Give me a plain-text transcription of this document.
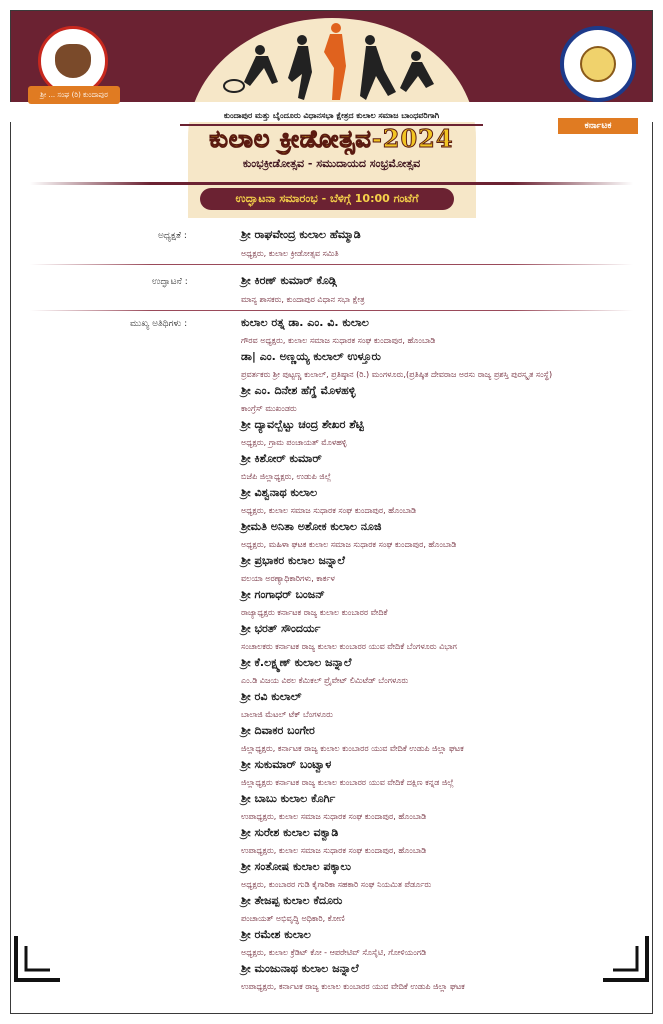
ಶ್ರೀ ... ಸಂಘ (ರಿ) ಕುಂದಾಪುರ
ಕರ್ನಾಟಕ
ಕುಂದಾಪುರ ಮತ್ತು ಬೈಂದೂರು ವಿಧಾನಸಭಾ ಕ್ಷೇತ್ರದ ಕುಲಾಲ ಸಮಾಜ ಬಾಂಧವರಿಗಾಗಿ
ಕುಲಾಲ ಕ್ರೀಡೋತ್ಸವ-2024
ಕುಂಭಕ್ರೀಡೋತ್ಸವ - ಸಮುದಾಯದ ಸಂಭ್ರಮೋತ್ಸವ
ಉದ್ಘಾಟನಾ ಸಮಾರಂಭ - ಬೆಳಿಗ್ಗೆ 10:00 ಗಂಟೆಗೆ
ಅಧ್ಯಕ್ಷತೆ :	ಶ್ರೀ ರಾಘವೇಂದ್ರ ಕುಲಾಲ ಹೆಮ್ಮಾಡಿ
ಅಧ್ಯಕ್ಷರು, ಕುಲಾಲ ಕ್ರೀಡೋತ್ಸವ ಸಮಿತಿ
ಉದ್ಘಾಟನೆ :	ಶ್ರೀ ಕಿರಣ್ ಕುಮಾರ್ ಕೊಡ್ಗಿ
ಮಾನ್ಯ ಶಾಸಕರು, ಕುಂದಾಪುರ ವಿಧಾನ ಸಭಾ ಕ್ಷೇತ್ರ
ಮುಖ್ಯ ಅತಿಥಿಗಳು :	ಕುಲಾಲ ರತ್ನ ಡಾ. ಎಂ. ವಿ. ಕುಲಾಲ
ಗೌರವ ಅಧ್ಯಕ್ಷರು, ಕುಲಾಲ ಸಮಾಜ ಸುಧಾರಕ ಸಂಘ ಕುಂದಾಪುರ, ಹೊಂಬಾಡಿ
ಡಾ| ಎಂ. ಅಣ್ಣಯ್ಯ ಕುಲಾಲ್ ಉಳ್ತೂರು
ಪ್ರವರ್ತಕರು ಶ್ರೀ ಪುಟ್ಟಣ್ಣ ಕುಲಾಲ್, ಪ್ರತಿಷ್ಠಾನ (ರಿ.) ಮಂಗಳೂರು,(ಪ್ರತಿಷ್ಠಿತ ದೇವರಾಜ ಅರಸು ರಾಜ್ಯ ಪ್ರಶಸ್ತಿ ಪುರಸ್ಕೃತ ಸಂಸ್ಥೆ)
ಶ್ರೀ ಎಂ. ದಿನೇಶ ಹೆಗ್ಡೆ ಮೊಳಹಳ್ಳಿ
ಕಾಂಗ್ರೆಸ್ ಮುಖಂಡರು
ಶ್ರೀ ದ್ಯಾವಲ್ಬೆಟ್ಟು ಚಂದ್ರ ಶೇಖರ ಶೆಟ್ಟಿ
ಅಧ್ಯಕ್ಷರು, ಗ್ರಾಮ ಪಂಚಾಯತ್ ಮೊಳಹಳ್ಳಿ
ಶ್ರೀ ಕಿಶೋರ್ ಕುಮಾರ್
ಬಿಜೆಪಿ ಜಿಲ್ಲಾಧ್ಯಕ್ಷರು, ಉಡುಪಿ ಜಿಲ್ಲೆ
ಶ್ರೀ ವಿಶ್ವನಾಥ ಕುಲಾಲ
ಅಧ್ಯಕ್ಷರು, ಕುಲಾಲ ಸಮಾಜ ಸುಧಾರಕ ಸಂಘ ಕುಂದಾಪುರ, ಹೊಂಬಾಡಿ
ಶ್ರೀಮತಿ ಅನಿತಾ ಅಶೋಕ ಕುಲಾಲ ನೂಜಿ
ಅಧ್ಯಕ್ಷರು, ಮಹಿಳಾ ಘಟಕ ಕುಲಾಲ ಸಮಾಜ ಸುಧಾರಕ ಸಂಘ ಕುಂದಾಪುರ, ಹೊಂಬಾಡಿ
ಶ್ರೀ ಪ್ರಭಾಕರ ಕುಲಾಲ ಜನ್ನಾಲೆ
ವಲಯಾ ಅರಣ್ಯಾಧಿಕಾರಿಗಳು, ಕಾರ್ಕಳ
ಶ್ರೀ ಗಂಗಾಧರ್ ಬಂಜನ್
ರಾಜ್ಯಾಧ್ಯಕ್ಷರು ಕರ್ನಾಟಕ ರಾಜ್ಯ ಕುಲಾಲ ಕುಂಬಾರರ ವೇದಿಕೆ
ಶ್ರೀ ಭರತ್ ಸೌಂದರ್ಯ
ಸಂಚಾಲಕರು ಕರ್ನಾಟಕ ರಾಜ್ಯ ಕುಲಾಲ ಕುಂಬಾರರ ಯುವ ವೇದಿಕೆ ಬೆಂಗಳೂರು ವಿಭಾಗ
ಶ್ರೀ ಕೆ.ಲಕ್ಷ್ಮಣ್ ಕುಲಾಲ ಜನ್ನಾಲೆ
ಎಂ.ಡಿ ವಿಜಯ ವಿಠಲ ಕೆಮಿಕಲ್ ಪ್ರೈವೇಟ್ ಲಿಮಿಟೆಡ್ ಬೆಂಗಳೂರು
ಶ್ರೀ ರವಿ ಕುಲಾಲ್
ಬಾಲಾಜಿ ಮೆಟಲ್ ಟೆಕ್ ಬೆಂಗಳೂರು
ಶ್ರೀ ದಿವಾಕರ ಬಂಗೇರ
ಜಿಲ್ಲಾಧ್ಯಕ್ಷರು, ಕರ್ನಾಟಕ ರಾಜ್ಯ ಕುಲಾಲ ಕುಂಬಾರರ ಯುವ ವೇದಿಕೆ ಉಡುಪಿ ಜಿಲ್ಲಾ ಘಟಕ
ಶ್ರೀ ಸುಕುಮಾರ್ ಬಂಟ್ವಾಳ
ಜಿಲ್ಲಾಧ್ಯಕ್ಷರು ಕರ್ನಾಟಕ ರಾಜ್ಯ ಕುಲಾಲ ಕುಂಬಾರರ ಯುವ ವೇದಿಕೆ ದಕ್ಷಿಣ ಕನ್ನಡ ಜಿಲ್ಲೆ
ಶ್ರೀ ಬಾಬು ಕುಲಾಲ ಕೊರ್ಗಿ
ಉಪಾಧ್ಯಕ್ಷರು, ಕುಲಾಲ ಸಮಾಜ ಸುಧಾರಕ ಸಂಘ ಕುಂದಾಪುರ, ಹೊಂಬಾಡಿ
ಶ್ರೀ ಸುರೇಶ ಕುಲಾಲ ವಕ್ವಾಡಿ
ಉಪಾಧ್ಯಕ್ಷರು, ಕುಲಾಲ ಸಮಾಜ ಸುಧಾರಕ ಸಂಘ ಕುಂದಾಪುರ, ಹೊಂಬಾಡಿ
ಶ್ರೀ ಸಂತೋಷ ಕುಲಾಲ ಪಕ್ಕಾಲು
ಅಧ್ಯಕ್ಷರು, ಕುಂಬಾರರ ಗುಡಿ ಕೈಗಾರಿಕಾ ಸಹಕಾರಿ ಸಂಘ ನಿಯಮಿತ ಪೆರ್ಡೂರು
ಶ್ರೀ ತೇಜಪ್ಪ ಕುಲಾಲ ಕೆದೂರು
ಪಂಚಾಯತ್ ಅಭಿವೃದ್ಧಿ ಅಧಿಕಾರಿ, ಕೋಣಿ
ಶ್ರೀ ರಮೇಶ ಕುಲಾಲ
ಅಧ್ಯಕ್ಷರು, ಕುಲಾಲ ಕ್ರೆಡಿಟ್ ಕೋ - ಆಪರೇಟಿವ್ ಸೊಸೈಟಿ, ಗೋಳಿಯಂಗಡಿ
ಶ್ರೀ ಮಂಜುನಾಥ ಕುಲಾಲ ಜನ್ನಾಲೆ
ಉಪಾಧ್ಯಕ್ಷರು, ಕರ್ನಾಟಕ ರಾಜ್ಯ ಕುಲಾಲ ಕುಂಬಾರರ ಯುವ ವೇದಿಕೆ ಉಡುಪಿ ಜಿಲ್ಲಾ ಘಟಕ
